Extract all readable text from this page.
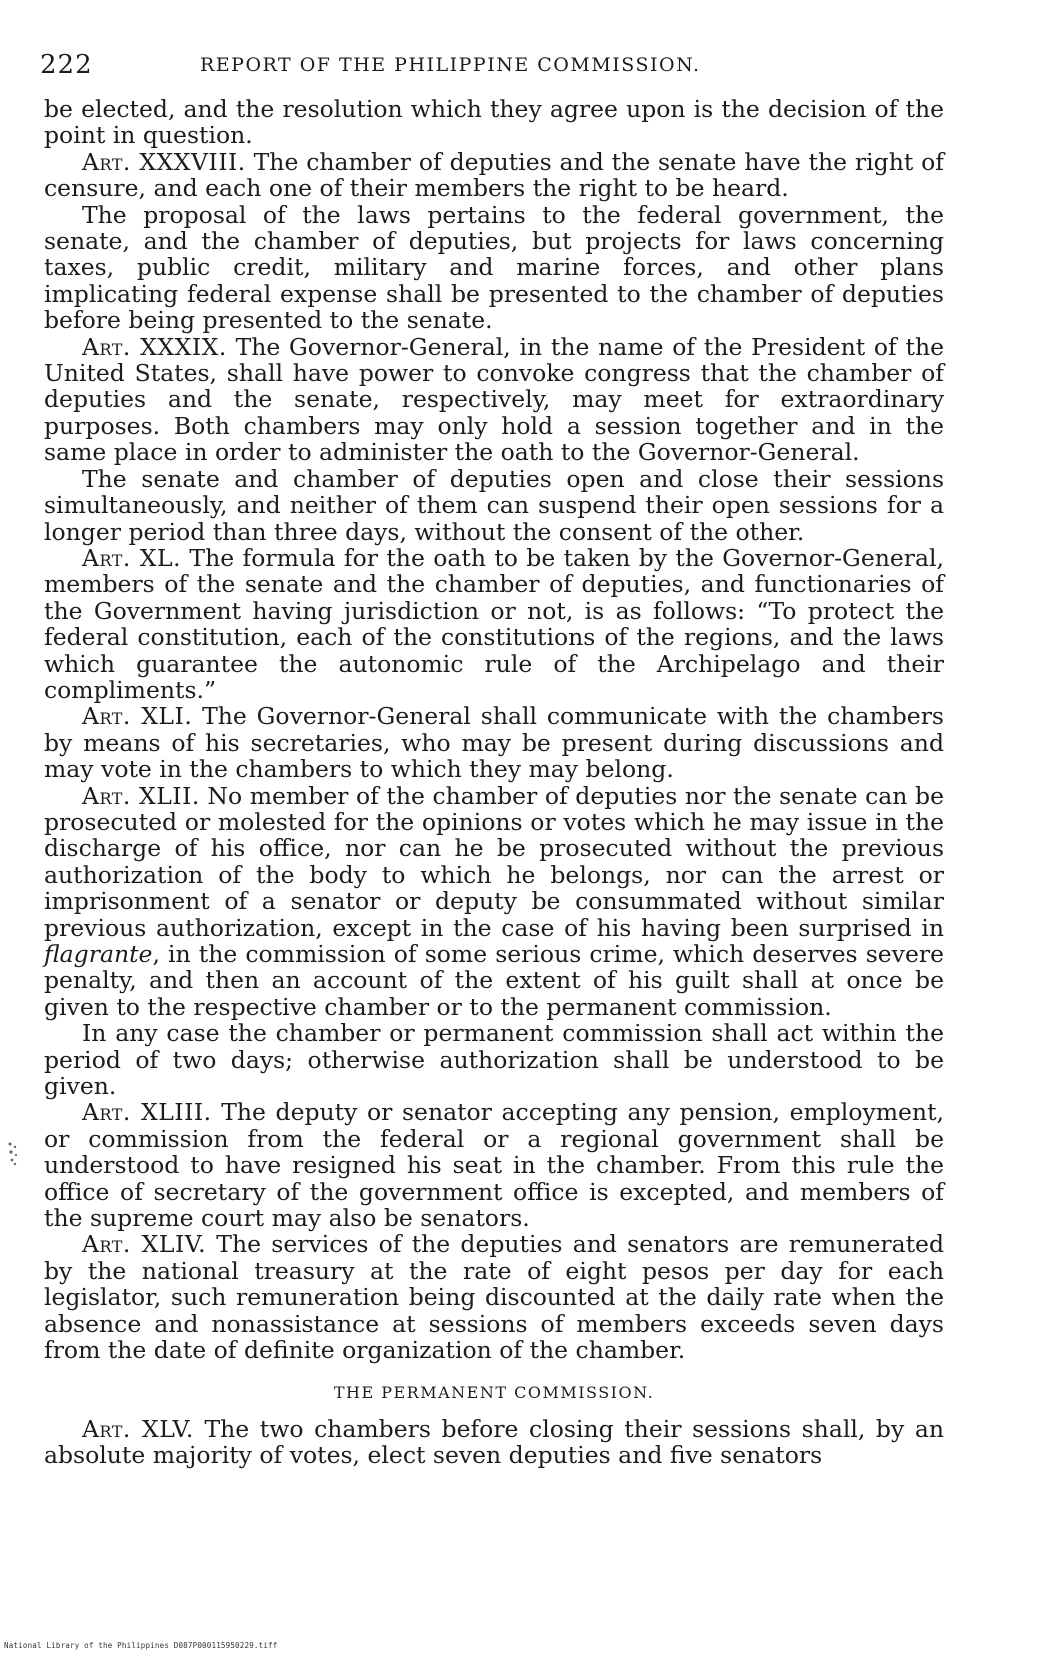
222	REPORT OF THE PHILIPPINE COMMISSION.

be elected, and the resolution which they agree upon is the decision of the point in question.

Art. XXXVIII. The chamber of deputies and the senate have the right of censure, and each one of their members the right to be heard.

The proposal of the laws pertains to the federal government, the senate, and the chamber of deputies, but projects for laws concerning taxes, public credit, military and marine forces, and other plans implicating federal expense shall be presented to the chamber of deputies before being presented to the senate.

Art. XXXIX. The Governor-General, in the name of the President of the United States, shall have power to convoke congress that the chamber of deputies and the senate, respectively, may meet for extraordinary purposes. Both chambers may only hold a session together and in the same place in order to administer the oath to the Governor-General.

The senate and chamber of deputies open and close their sessions simultaneously, and neither of them can suspend their open sessions for a longer period than three days, without the consent of the other.

Art. XL. The formula for the oath to be taken by the Governor-General, members of the senate and the chamber of deputies, and functionaries of the Government having jurisdiction or not, is as follows: “To protect the federal constitution, each of the constitutions of the regions, and the laws which guarantee the autonomic rule of the Archipelago and their compliments.”

Art. XLI. The Governor-General shall communicate with the chambers by means of his secretaries, who may be present during discussions and may vote in the chambers to which they may belong.

Art. XLII. No member of the chamber of deputies nor the senate can be prosecuted or molested for the opinions or votes which he may issue in the discharge of his office, nor can he be prosecuted without the previous authorization of the body to which he belongs, nor can the arrest or imprisonment of a senator or deputy be consummated without similar previous authorization, except in the case of his having been surprised in flagrante, in the commission of some serious crime, which deserves severe penalty, and then an account of the extent of his guilt shall at once be given to the respective chamber or to the permanent commission.

In any case the chamber or permanent commission shall act within the period of two days; otherwise authorization shall be understood to be given.

Art. XLIII. The deputy or senator accepting any pension, employment, or commission from the federal or a regional government shall be understood to have resigned his seat in the chamber. From this rule the office of secretary of the government office is excepted, and members of the supreme court may also be senators.

Art. XLIV. The services of the deputies and senators are remunerated by the national treasury at the rate of eight pesos per day for each legislator, such remuneration being discounted at the daily rate when the absence and nonassistance at sessions of members exceeds seven days from the date of definite organization of the chamber.

THE PERMANENT COMMISSION.

Art. XLV. The two chambers before closing their sessions shall, by an absolute majority of votes, elect seven deputies and five senators

National Library of the Philippines D087P000115950229.tiff
